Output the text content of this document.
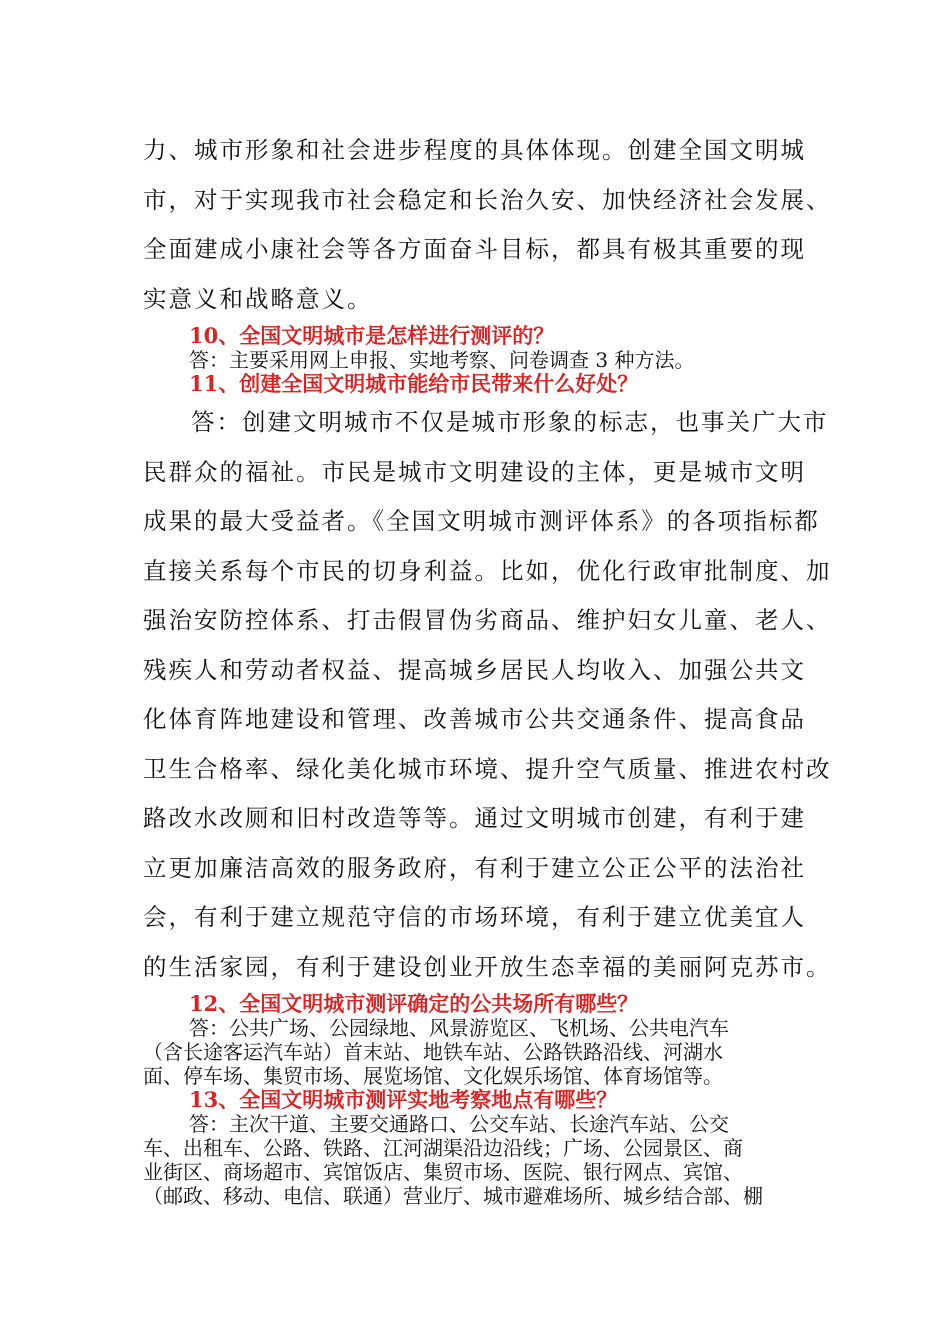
力、城市形象和社会进步程度的具体体现。创建全国文明城
市，对于实现我市社会稳定和长治久安、加快经济社会发展、
全面建成小康社会等各方面奋斗目标，都具有极其重要的现
实意义和战略意义。

10、全国文明城市是怎样进行测评的？

答：主要采用网上申报、实地考察、问卷调查 3 种方法。

11、创建全国文明城市能给市民带来什么好处？

答：创建文明城市不仅是城市形象的标志，也事关广大市
民群众的福祉。市民是城市文明建设的主体，更是城市文明
成果的最大受益者。《全国文明城市测评体系》的各项指标都
直接关系每个市民的切身利益。比如，优化行政审批制度、加
强治安防控体系、打击假冒伪劣商品、维护妇女儿童、老人、
残疾人和劳动者权益、提高城乡居民人均收入、加强公共文
化体育阵地建设和管理、改善城市公共交通条件、提高食品
卫生合格率、绿化美化城市环境、提升空气质量、推进农村改
路改水改厕和旧村改造等等。通过文明城市创建，有利于建
立更加廉洁高效的服务政府，有利于建立公正公平的法治社
会，有利于建立规范守信的市场环境，有利于建立优美宜人
的生活家园，有利于建设创业开放生态幸福的美丽阿克苏市。

12、全国文明城市测评确定的公共场所有哪些？

答：公共广场、公园绿地、风景游览区、飞机场、公共电汽车
（含长途客运汽车站）首末站、地铁车站、公路铁路沿线、河湖水
面、停车场、集贸市场、展览场馆、文化娱乐场馆、体育场馆等。

13、全国文明城市测评实地考察地点有哪些？

答：主次干道、主要交通路口、公交车站、长途汽车站、公交
车、出租车、公路、铁路、江河湖渠沿边沿线；广场、公园景区、商
业街区、商场超市、宾馆饭店、集贸市场、医院、银行网点、宾馆、
（邮政、移动、电信、联通）营业厅、城市避难场所、城乡结合部、棚
